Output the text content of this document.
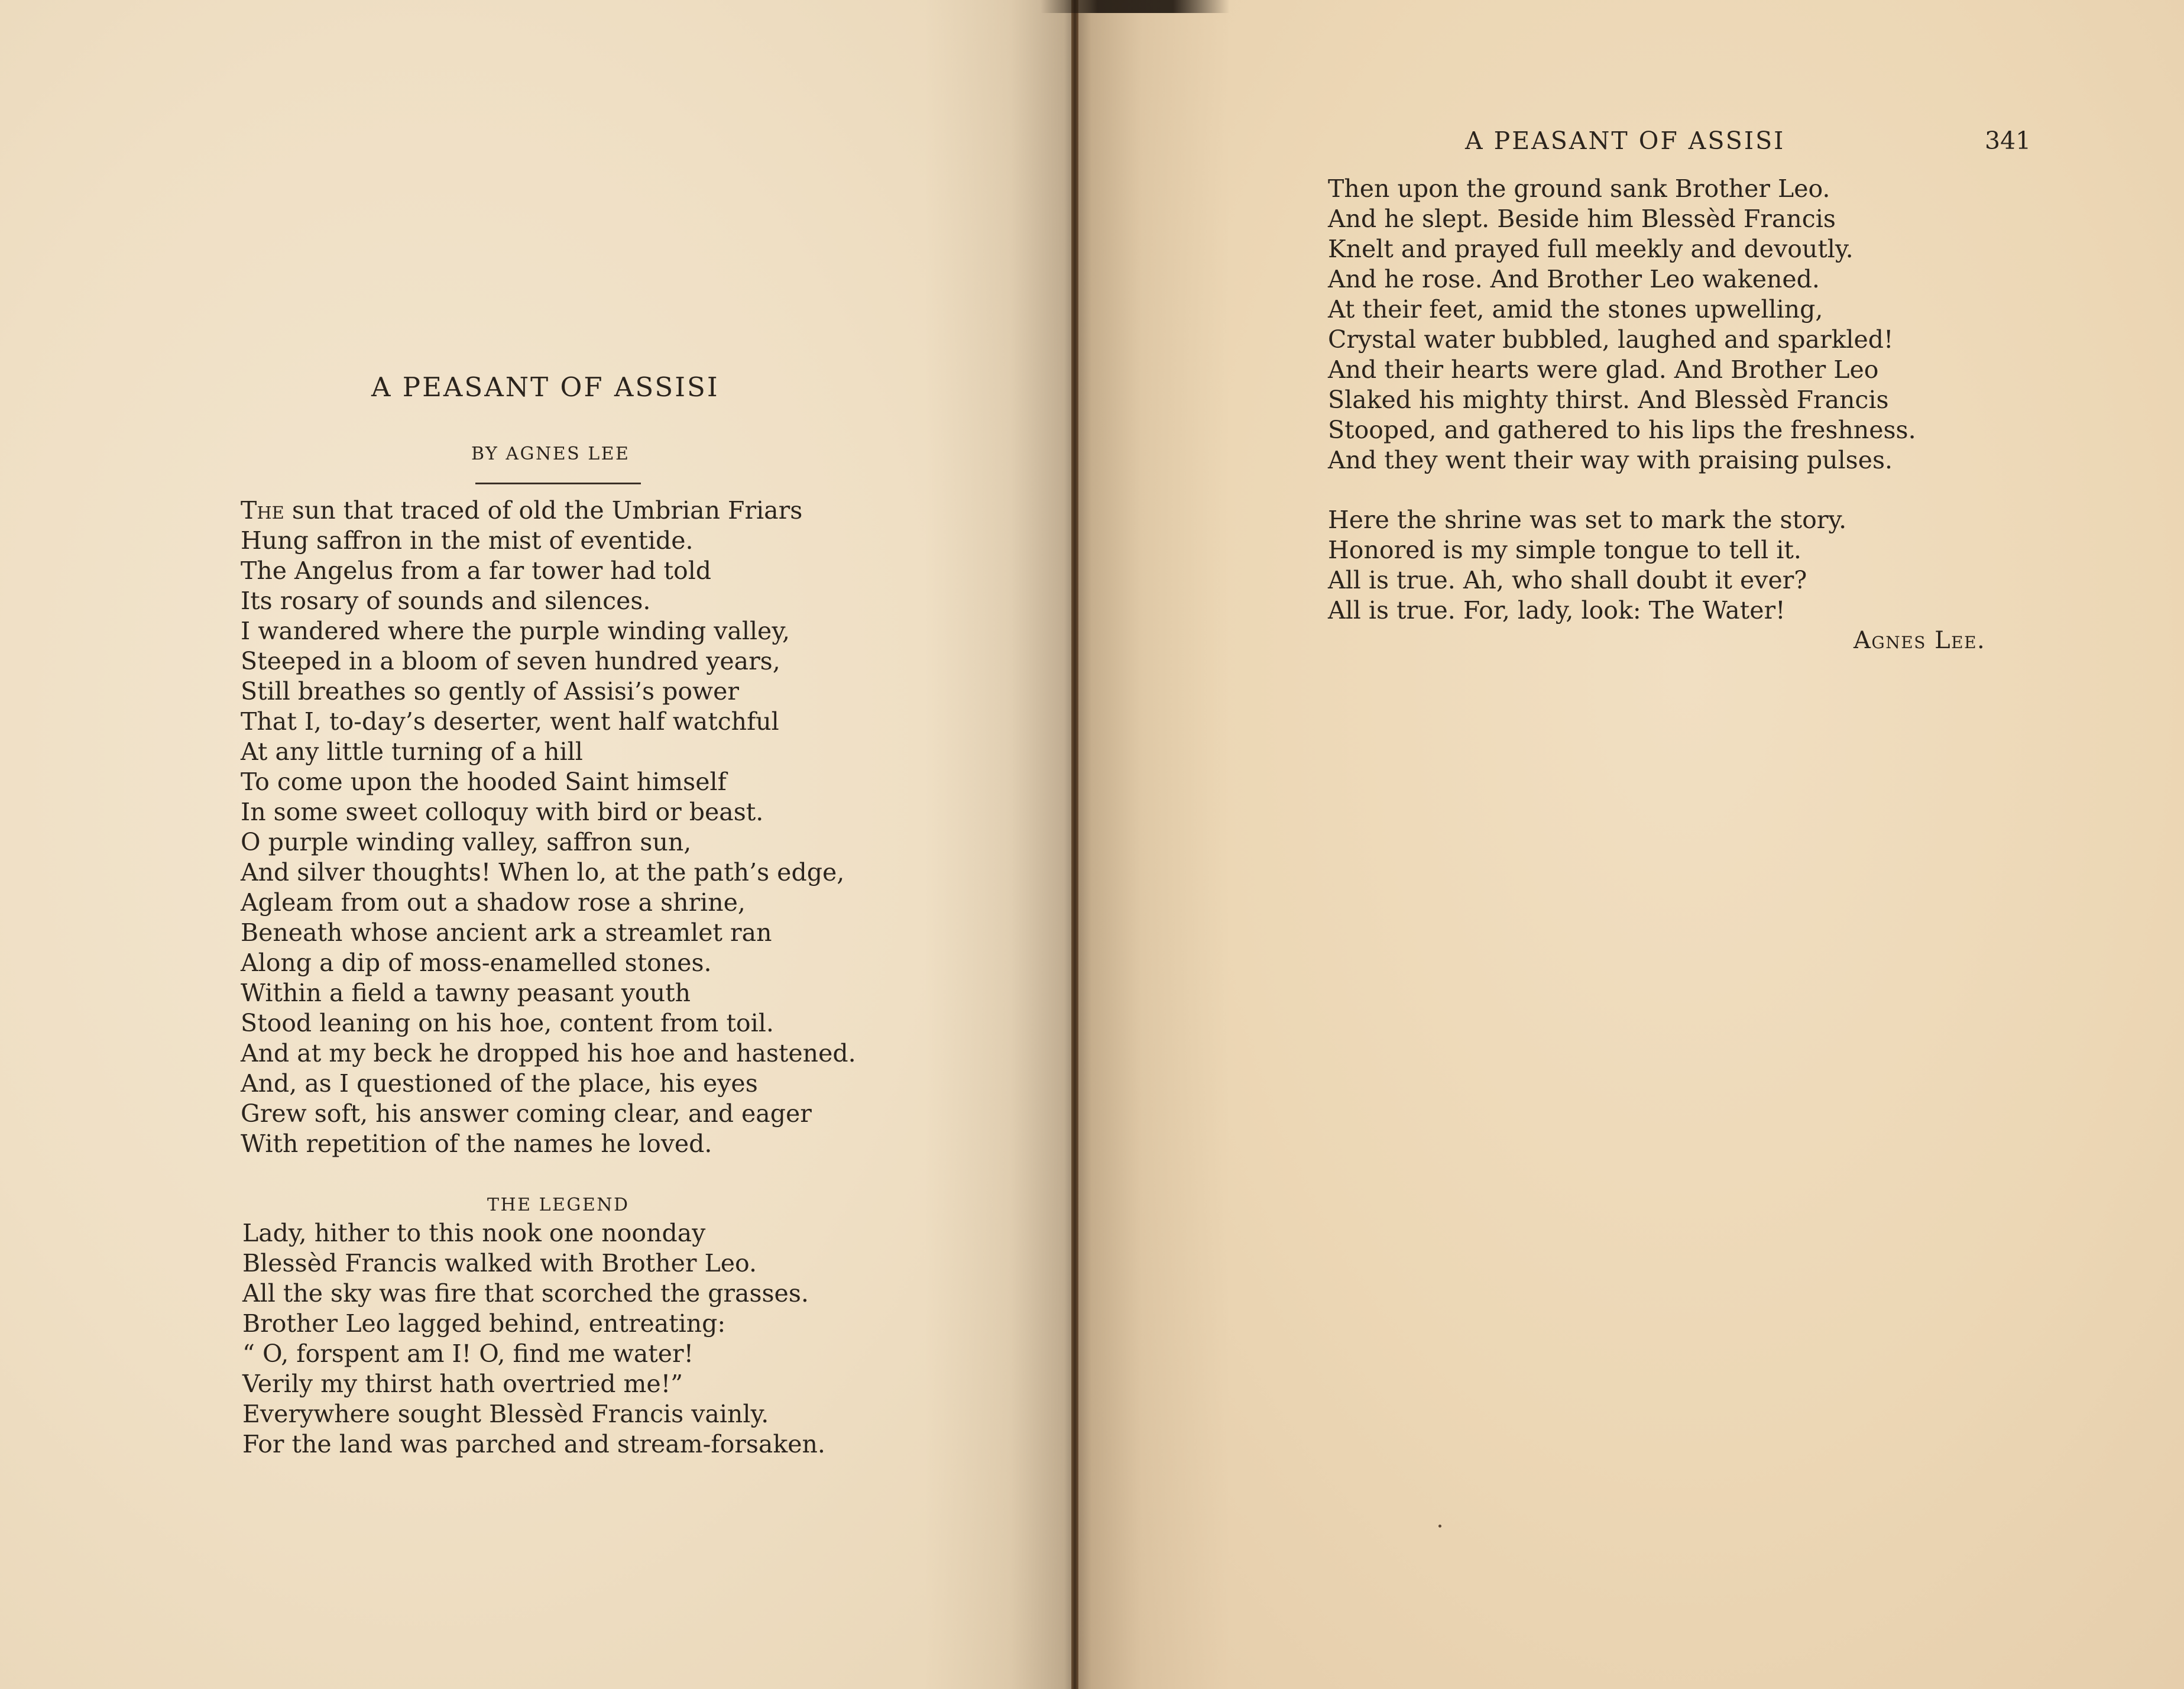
A PEASANT OF ASSISI
BY AGNES LEE
The sun that traced of old the Umbrian Friars
Hung saffron in the mist of eventide.
The Angelus from a far tower had told
Its rosary of sounds and silences.
I wandered where the purple winding valley,
Steeped in a bloom of seven hundred years,
Still breathes so gently of Assisi’s power
That I, to-day’s deserter, went half watchful
At any little turning of a hill
To come upon the hooded Saint himself
In some sweet colloquy with bird or beast.
O purple winding valley, saffron sun,
And silver thoughts! When lo, at the path’s edge,
Agleam from out a shadow rose a shrine,
Beneath whose ancient ark a streamlet ran
Along a dip of moss-enamelled stones.
Within a field a tawny peasant youth
Stood leaning on his hoe, content from toil.
And at my beck he dropped his hoe and hastened.
And, as I questioned of the place, his eyes
Grew soft, his answer coming clear, and eager
With repetition of the names he loved.
THE LEGEND
Lady, hither to this nook one noonday
Blessèd Francis walked with Brother Leo.
All the sky was fire that scorched the grasses.
Brother Leo lagged behind, entreating:
“ O, forspent am I! O, find me water!
Verily my thirst hath overtried me!”
Everywhere sought Blessèd Francis vainly.
For the land was parched and stream-forsaken.
A PEASANT OF ASSISI	341
Then upon the ground sank Brother Leo.
And he slept. Beside him Blessèd Francis
Knelt and prayed full meekly and devoutly.
And he rose. And Brother Leo wakened.
At their feet, amid the stones upwelling,
Crystal water bubbled, laughed and sparkled!
And their hearts were glad. And Brother Leo
Slaked his mighty thirst. And Blessèd Francis
Stooped, and gathered to his lips the freshness.
And they went their way with praising pulses.
Here the shrine was set to mark the story.
Honored is my simple tongue to tell it.
All is true. Ah, who shall doubt it ever?
All is true. For, lady, look: The Water!
Agnes Lee.
